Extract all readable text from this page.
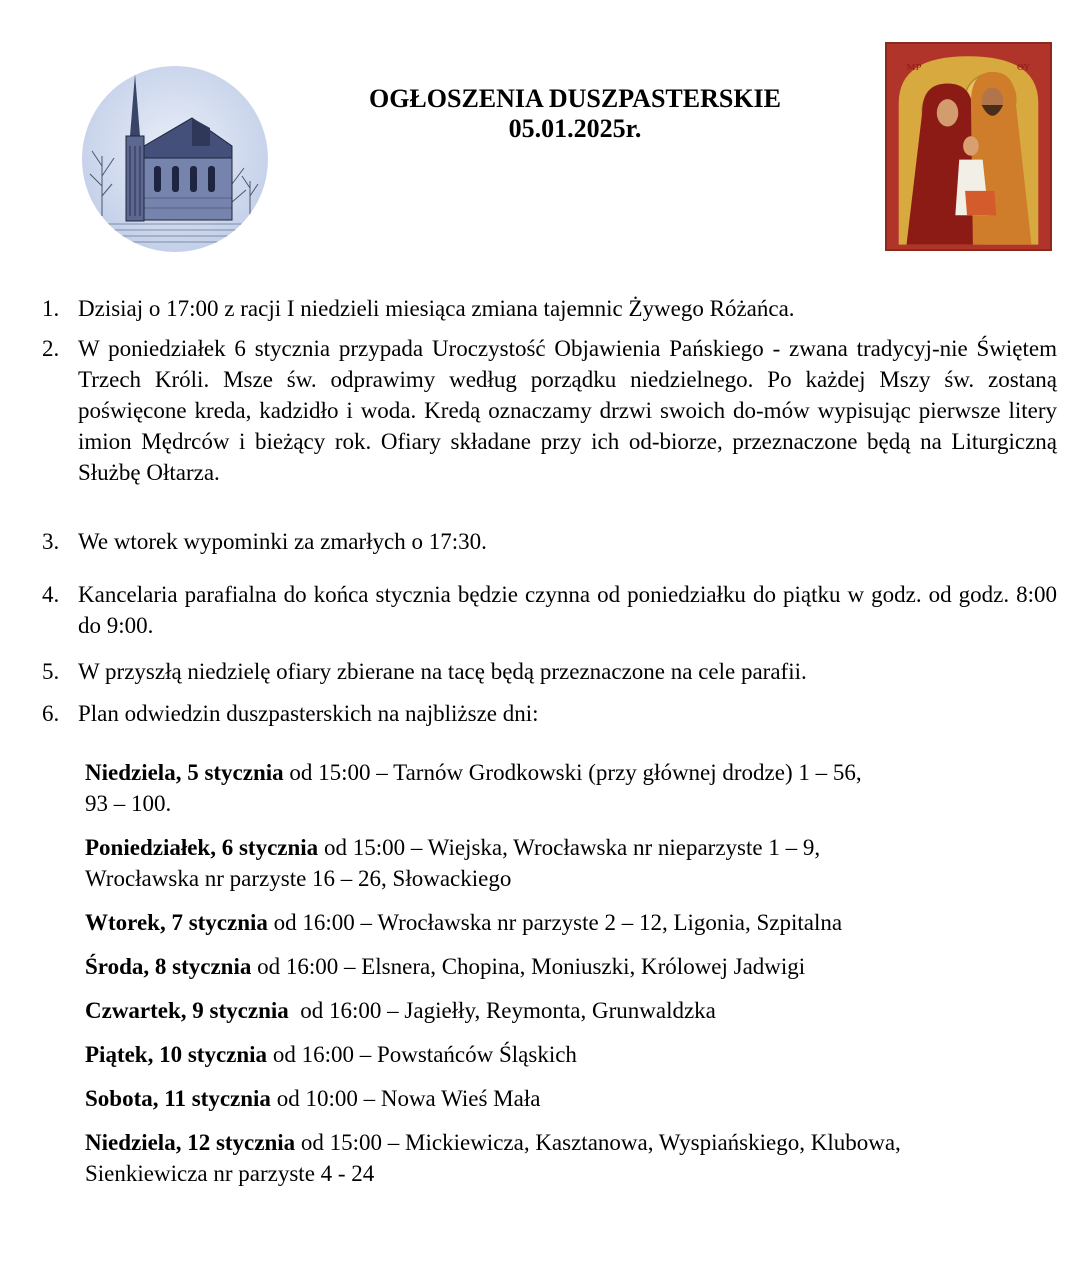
OGŁOSZENIA DUSZPASTERSKIE
05.01.2025r.
ΜΡ	ΘΥ
1. Dzisiaj o 17:00 z racji I niedzieli miesiąca zmiana tajemnic Żywego Różańca.
2. W poniedziałek 6 stycznia przypada Uroczystość Objawienia Pańskiego - zwana tradycyj-nie Świętem Trzech Króli. Msze św. odprawimy według porządku niedzielnego. Po każdej Mszy św. zostaną poświęcone kreda, kadzidło i woda. Kredą oznaczamy drzwi swoich do-mów wypisując pierwsze litery imion Mędrców i bieżący rok. Ofiary składane przy ich od-biorze, przeznaczone będą na Liturgiczną Służbę Ołtarza.
3. We wtorek wypominki za zmarłych o 17:30.
4. Kancelaria parafialna do końca stycznia będzie czynna od poniedziałku do piątku w godz. od godz. 8:00 do 9:00.
5. W przyszłą niedzielę ofiary zbierane na tacę będą przeznaczone na cele parafii.
6. Plan odwiedzin duszpasterskich na najbliższe dni:
Niedziela, 5 stycznia od 15:00 – Tarnów Grodkowski (przy głównej drodze) 1 – 56,
93 – 100.
Poniedziałek, 6 stycznia od 15:00 – Wiejska, Wrocławska nr nieparzyste 1 – 9,
Wrocławska nr parzyste 16 – 26, Słowackiego
Wtorek, 7 stycznia od 16:00 – Wrocławska nr parzyste 2 – 12, Ligonia, Szpitalna
Środa, 8 stycznia od 16:00 – Elsnera, Chopina, Moniuszki, Królowej Jadwigi
Czwartek, 9 stycznia  od 16:00 – Jagiełły, Reymonta, Grunwaldzka
Piątek, 10 stycznia od 16:00 – Powstańców Śląskich
Sobota, 11 stycznia od 10:00 – Nowa Wieś Mała
Niedziela, 12 stycznia od 15:00 – Mickiewicza, Kasztanowa, Wyspiańskiego, Klubowa,
Sienkiewicza nr parzyste 4 - 24
